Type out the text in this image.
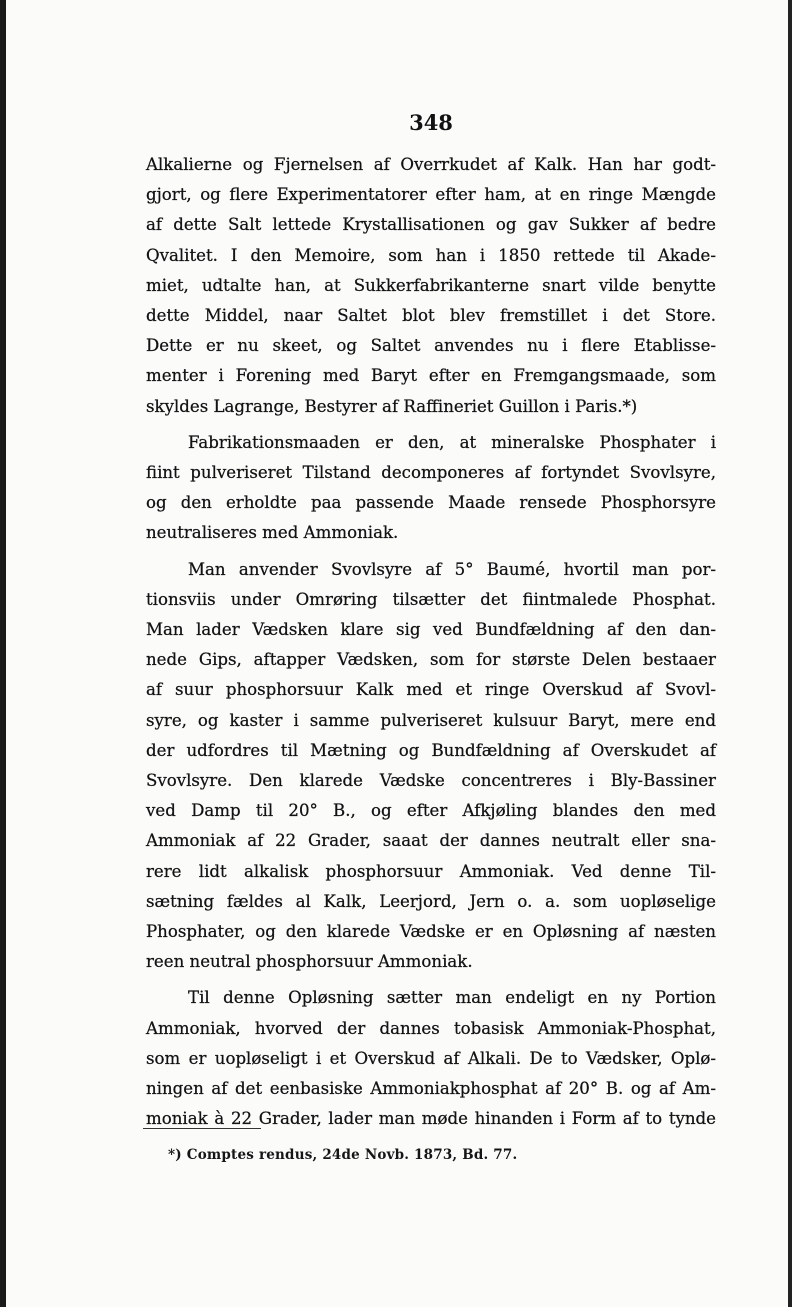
348
Alkalierne og Fjernelsen af Overrkudet af Kalk. Han har godt-
gjort, og flere Experimentatorer efter ham, at en ringe Mængde
af dette Salt lettede Krystallisationen og gav Sukker af bedre
Qvalitet. I den Memoire, som han i 1850 rettede til Akade-
miet, udtalte han, at Sukkerfabrikanterne snart vilde benytte
dette Middel, naar Saltet blot blev fremstillet i det Store.
Dette er nu skeet, og Saltet anvendes nu i flere Etablisse-
menter i Forening med Baryt efter en Fremgangsmaade, som
skyldes Lagrange, Bestyrer af Raffineriet Guillon i Paris.*)
Fabrikationsmaaden er den, at mineralske Phosphater i
fiint pulveriseret Tilstand decomponeres af fortyndet Svovlsyre,
og den erholdte paa passende Maade rensede Phosphorsyre
neutraliseres med Ammoniak.
Man anvender Svovlsyre af 5° Baumé, hvortil man por-
tionsviis under Omrøring tilsætter det fiintmalede Phosphat.
Man lader Vædsken klare sig ved Bundfældning af den dan-
nede Gips, aftapper Vædsken, som for største Delen bestaaer
af suur phosphorsuur Kalk med et ringe Overskud af Svovl-
syre, og kaster i samme pulveriseret kulsuur Baryt, mere end
der udfordres til Mætning og Bundfældning af Overskudet af
Svovlsyre. Den klarede Vædske concentreres i Bly-Bassiner
ved Damp til 20° B., og efter Afkjøling blandes den med
Ammoniak af 22 Grader, saaat der dannes neutralt eller sna-
rere lidt alkalisk phosphorsuur Ammoniak. Ved denne Til-
sætning fældes al Kalk, Leerjord, Jern o. a. som uopløselige
Phosphater, og den klarede Vædske er en Opløsning af næsten
reen neutral phosphorsuur Ammoniak.
Til denne Opløsning sætter man endeligt en ny Portion
Ammoniak, hvorved der dannes tobasisk Ammoniak-Phosphat,
som er uopløseligt i et Overskud af Alkali. De to Vædsker, Oplø-
ningen af det eenbasiske Ammoniakphosphat af 20° B. og af Am-
moniak à 22 Grader, lader man møde hinanden i Form af to tynde
*) Comptes rendus, 24de Novb. 1873, Bd. 77.
